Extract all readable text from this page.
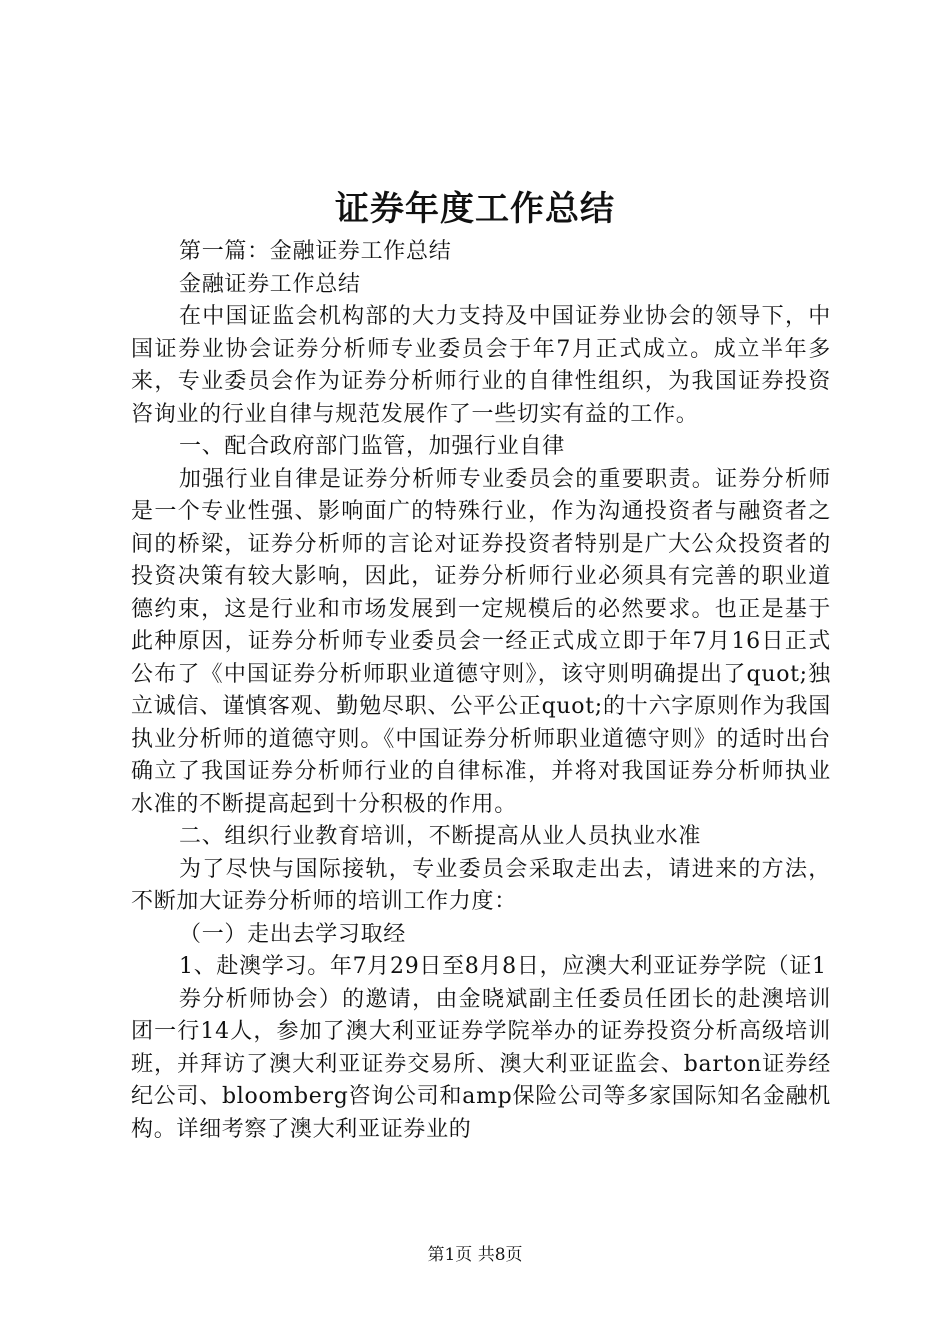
证券年度工作总结

第一篇：金融证券工作总结

金融证券工作总结

在中国证监会机构部的大力支持及中国证券业协会的领导下，中国证券业协会证券分析师专业委员会于年7月正式成立。成立半年多来，专业委员会作为证券分析师行业的自律性组织，为我国证券投资咨询业的行业自律与规范发展作了一些切实有益的工作。

一、配合政府部门监管，加强行业自律

加强行业自律是证券分析师专业委员会的重要职责。证券分析师是一个专业性强、影响面广的特殊行业，作为沟通投资者与融资者之间的桥梁，证券分析师的言论对证券投资者特别是广大公众投资者的投资决策有较大影响，因此，证券分析师行业必须具有完善的职业道德约束，这是行业和市场发展到一定规模后的必然要求。也正是基于此种原因，证券分析师专业委员会一经正式成立即于年7月16日正式公布了《中国证券分析师职业道德守则》，该守则明确提出了quot;独立诚信、谨慎客观、勤勉尽职、公平公正quot;的十六字原则作为我国执业分析师的道德守则。《中国证券分析师职业道德守则》的适时出台确立了我国证券分析师行业的自律标准，并将对我国证券分析师执业水准的不断提高起到十分积极的作用。

二、组织行业教育培训，不断提高从业人员执业水准

为了尽快与国际接轨，专业委员会采取走出去，请进来的方法，不断加大证券分析师的培训工作力度：

（一）走出去学习取经

1、赴澳学习。年7月29日至8月8日，应澳大利亚证券学院（证1

券分析师协会）的邀请，由金晓斌副主任委员任团长的赴澳培训团一行14人，参加了澳大利亚证券学院举办的证券投资分析高级培训班，并拜访了澳大利亚证券交易所、澳大利亚证监会、barton证券经纪公司、bloomberg咨询公司和amp保险公司等多家国际知名金融机构。详细考察了澳大利亚证券业的

第1页 共8页
